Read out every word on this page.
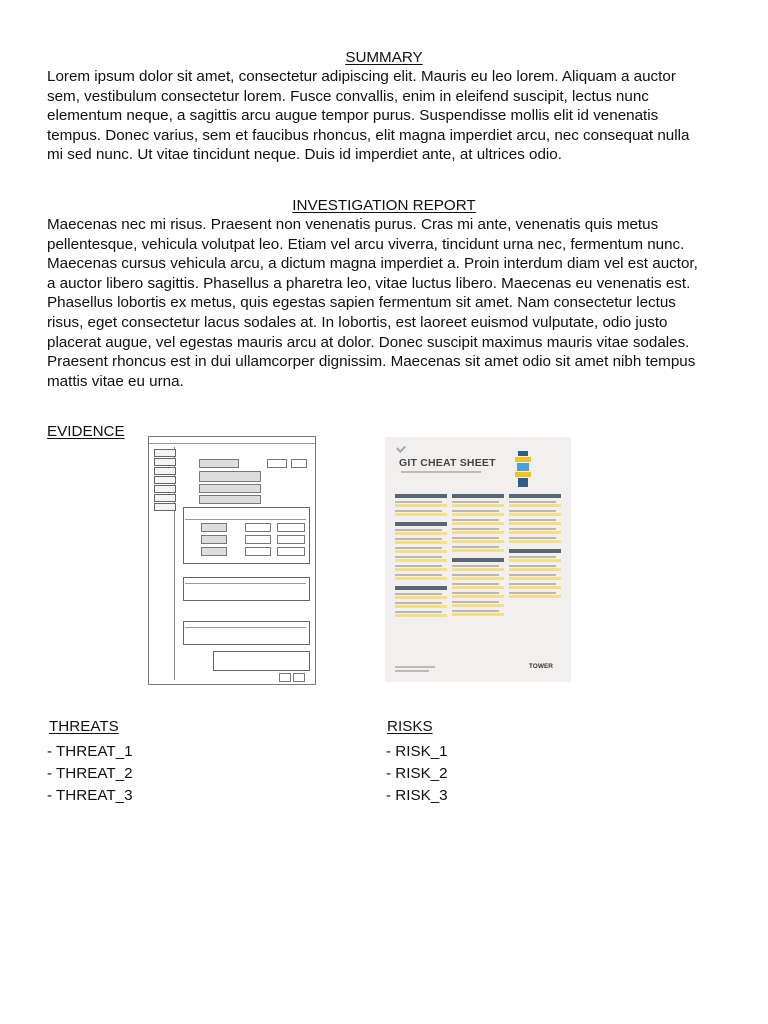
SUMMARY
Lorem ipsum dolor sit amet, consectetur adipiscing elit. Mauris eu leo lorem. Aliquam a auctor
sem, vestibulum consectetur lorem. Fusce convallis, enim in eleifend suscipit, lectus nunc
elementum neque, a sagittis arcu augue tempor purus. Suspendisse mollis elit id venenatis
tempus. Donec varius, sem et faucibus rhoncus, elit magna imperdiet arcu, nec consequat nulla
mi sed nunc. Ut vitae tincidunt neque. Duis id imperdiet ante, at ultrices odio.
INVESTIGATION REPORT
Maecenas nec mi risus. Praesent non venenatis purus. Cras mi ante, venenatis quis metus
pellentesque, vehicula volutpat leo. Etiam vel arcu viverra, tincidunt urna nec, fermentum nunc.
Maecenas cursus vehicula arcu, a dictum magna imperdiet a. Proin interdum diam vel est auctor,
a auctor libero sagittis. Phasellus a pharetra leo, vitae luctus libero. Maecenas eu venenatis est.
Phasellus lobortis ex metus, quis egestas sapien fermentum sit amet. Nam consectetur lectus
risus, eget consectetur lacus sodales at. In lobortis, est laoreet euismod vulputate, odio justo
placerat augue, vel egestas mauris arcu at dolor. Donec suscipit maximus mauris vitae sodales.
Praesent rhoncus est in dui ullamcorper dignissim. Maecenas sit amet odio sit amet nibh tempus
mattis vitae eu urna.
EVIDENCE
GIT CHEAT SHEET
TOWER
THREATS
- THREAT_1
- THREAT_2
- THREAT_3
RISKS
- RISK_1
- RISK_2
- RISK_3
